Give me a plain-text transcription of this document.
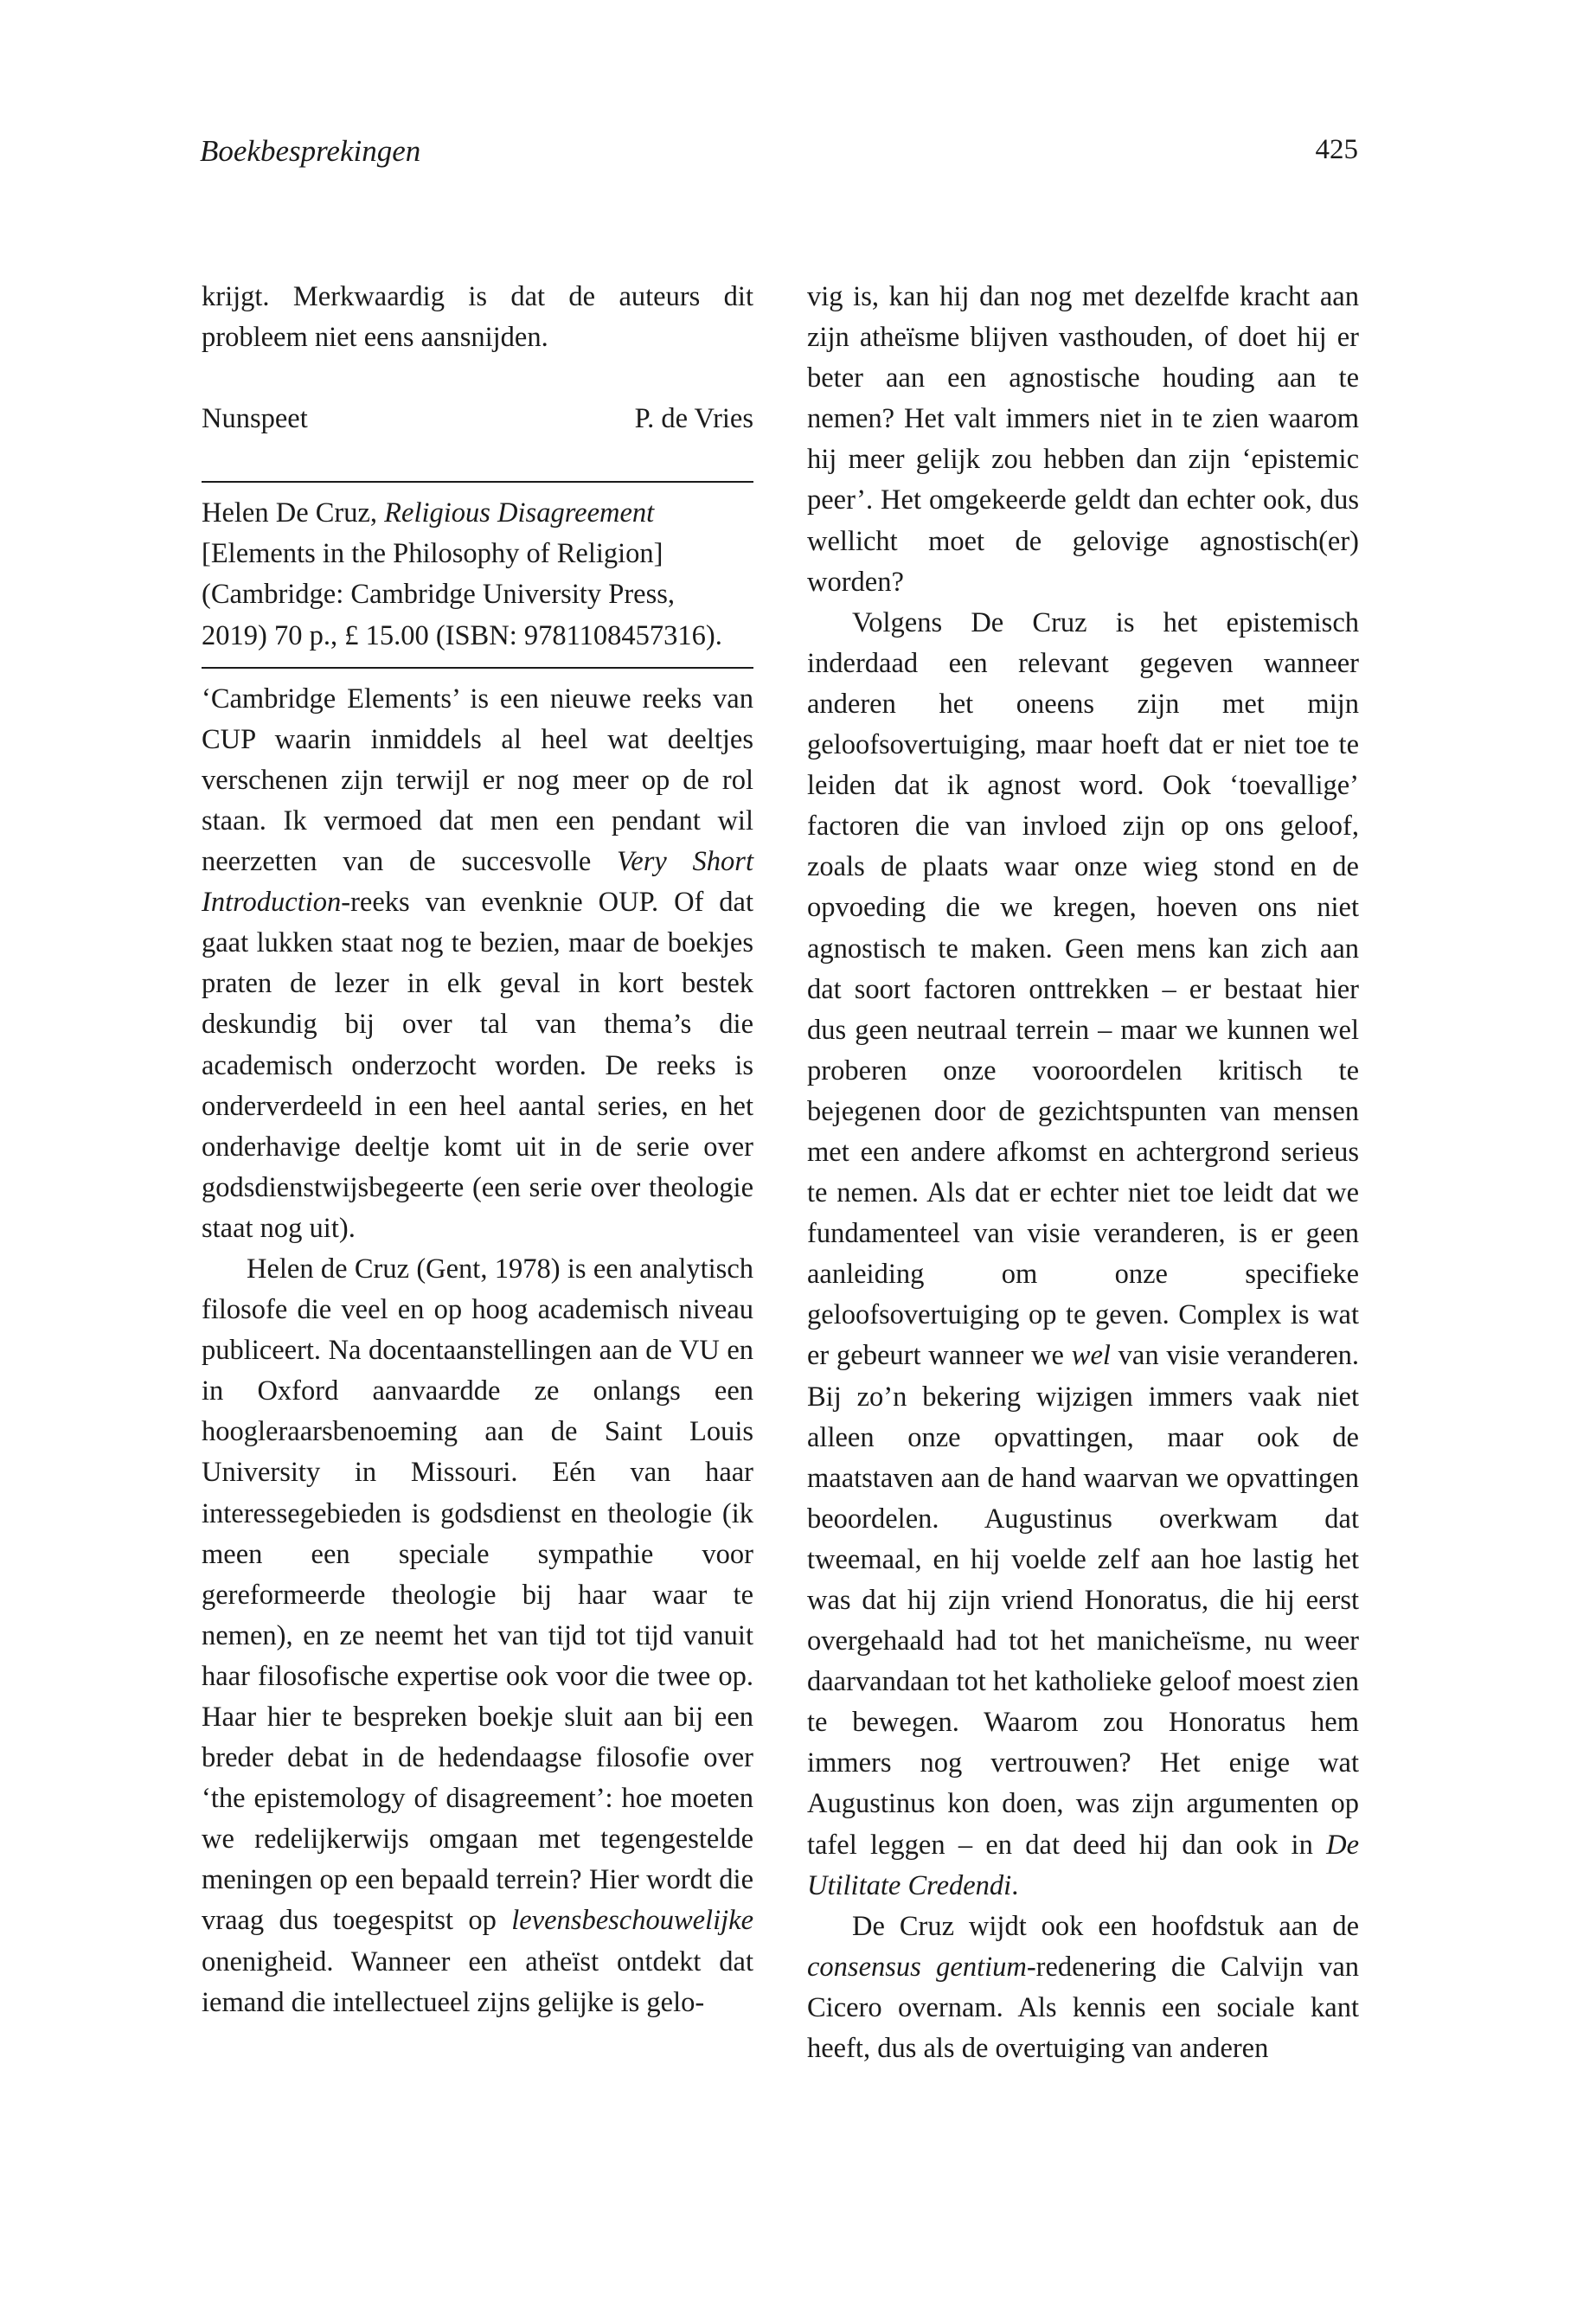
Boekbesprekingen	425

krijgt. Merkwaardig is dat de auteurs dit probleem niet eens aansnijden.

Nunspeet	P. de Vries
Helen De Cruz, Religious Disagreement
[Elements in the Philosophy of Religion]
(Cambridge: Cambridge University Press,
2019) 70 p., £ 15.00 (ISBN: 9781108457316).

‘Cambridge Elements’ is een nieuwe reeks van CUP waarin inmiddels al heel wat deeltjes verschenen zijn terwijl er nog meer op de rol staan. Ik vermoed dat men een pendant wil neerzetten van de succesvolle Very Short Introduction-reeks van evenknie OUP. Of dat gaat lukken staat nog te bezien, maar de boekjes praten de lezer in elk geval in kort bestek deskundig bij over tal van thema’s die academisch onderzocht worden. De reeks is onderverdeeld in een heel aantal series, en het onderhavige deeltje komt uit in de serie over godsdienstwijsbegeerte (een serie over theologie staat nog uit).

Helen de Cruz (Gent, 1978) is een analytisch filosofe die veel en op hoog academisch niveau publiceert. Na docentaanstellingen aan de VU en in Oxford aanvaardde ze onlangs een hoogleraarsbenoeming aan de Saint Louis University in Missouri. Eén van haar interessegebieden is godsdienst en theologie (ik meen een speciale sympathie voor gereformeerde theologie bij haar waar te nemen), en ze neemt het van tijd tot tijd vanuit haar filosofische expertise ook voor die twee op. Haar hier te bespreken boekje sluit aan bij een breder debat in de hedendaagse filosofie over ‘the epistemology of disagreement’: hoe moeten we redelijkerwijs omgaan met tegengestelde meningen op een bepaald terrein? Hier wordt die vraag dus toegespitst op levensbeschouwelijke onenigheid. Wanneer een atheïst ontdekt dat iemand die intellectueel zijns gelijke is gelo-

vig is, kan hij dan nog met dezelfde kracht aan zijn atheïsme blijven vasthouden, of doet hij er beter aan een agnostische houding aan te nemen? Het valt immers niet in te zien waarom hij meer gelijk zou hebben dan zijn ‘epistemic peer’. Het omgekeerde geldt dan echter ook, dus wellicht moet de gelovige agnostisch(er) worden?

Volgens De Cruz is het epistemisch inderdaad een relevant gegeven wanneer anderen het oneens zijn met mijn geloofsovertuiging, maar hoeft dat er niet toe te leiden dat ik agnost word. Ook ‘toevallige’ factoren die van invloed zijn op ons geloof, zoals de plaats waar onze wieg stond en de opvoeding die we kregen, hoeven ons niet agnostisch te maken. Geen mens kan zich aan dat soort factoren onttrekken – er bestaat hier dus geen neutraal terrein – maar we kunnen wel proberen onze vooroordelen kritisch te bejegenen door de gezichtspunten van mensen met een andere afkomst en achtergrond serieus te nemen. Als dat er echter niet toe leidt dat we fundamenteel van visie veranderen, is er geen aanleiding om onze specifieke geloofsovertuiging op te geven. Complex is wat er gebeurt wanneer we wel van visie veranderen. Bij zo’n bekering wijzigen immers vaak niet alleen onze opvattingen, maar ook de maatstaven aan de hand waarvan we opvattingen beoordelen. Augustinus overkwam dat tweemaal, en hij voelde zelf aan hoe lastig het was dat hij zijn vriend Honoratus, die hij eerst overgehaald had tot het manicheïsme, nu weer daarvandaan tot het katholieke geloof moest zien te bewegen. Waarom zou Honoratus hem immers nog vertrouwen? Het enige wat Augustinus kon doen, was zijn argumenten op tafel leggen – en dat deed hij dan ook in De Utilitate Credendi.

De Cruz wijdt ook een hoofdstuk aan de consensus gentium-redenering die Calvijn van Cicero overnam. Als kennis een sociale kant heeft, dus als de overtuiging van anderen
